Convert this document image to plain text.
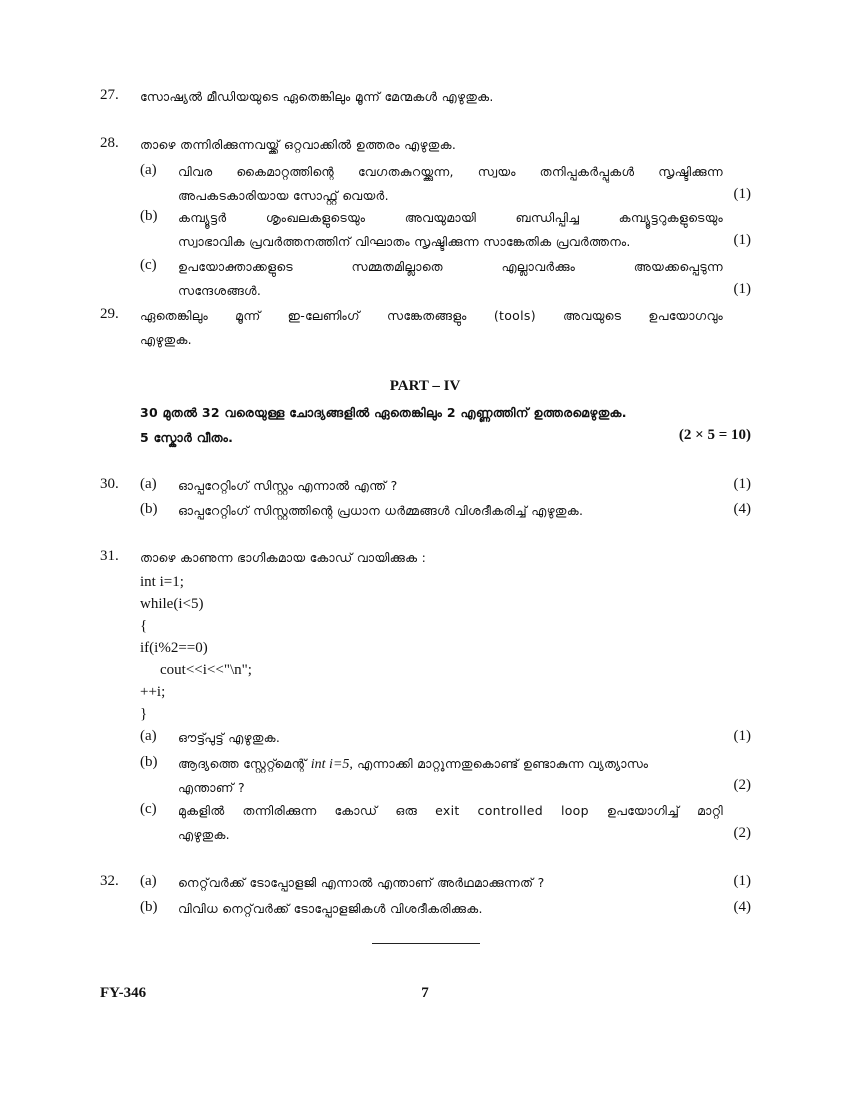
27. സോഷ്യൽ മീഡിയയുടെ ഏതെങ്കിലും മൂന്ന് മേന്മകൾ എഴുതുക.
28. താഴെ തന്നിരിക്കുന്നവയ്ക്ക് ഒറ്റവാക്കിൽ ഉത്തരം എഴുതുക.
(a) വിവര കൈമാറ്റത്തിന്റെ വേഗതകുറയ്ക്കുന്ന, സ്വയം തനിപ്പകർപ്പുകൾ സൃഷ്ടിക്കുന്ന
അപകടകാരിയായ സോഫ്റ്റ് വെയർ.	(1)
(b) കമ്പ്യൂട്ടർ ശൃംഖലകളുടെയും അവയുമായി ബന്ധിപ്പിച്ച കമ്പ്യൂട്ടറുകളുടെയും
സ്വാഭാവിക പ്രവർത്തനത്തിന് വിഘാതം സൃഷ്ടിക്കുന്ന സാങ്കേതിക പ്രവർത്തനം.	(1)
(c) ഉപയോക്താക്കളുടെ സമ്മതമില്ലാതെ എല്ലാവർക്കും അയക്കപ്പെടുന്ന
സന്ദേശങ്ങൾ.	(1)
29. ഏതെങ്കിലും മൂന്ന് ഇ-ലേണിംഗ് സങ്കേതങ്ങളും (tools) അവയുടെ ഉപയോഗവും
എഴുതുക.
PART – IV
30 മുതൽ 32 വരെയുള്ള ചോദ്യങ്ങളിൽ ഏതെങ്കിലും 2 എണ്ണത്തിന് ഉത്തരമെഴുതുക.
5 സ്കോർ വീതം.	(2 × 5 = 10)
30. (a) ഓപ്പറേറ്റിംഗ് സിസ്റ്റം എന്നാൽ എന്ത് ?	(1)
(b) ഓപ്പറേറ്റിംഗ് സിസ്റ്റത്തിന്റെ പ്രധാന ധർമ്മങ്ങൾ വിശദീകരിച്ച് എഴുതുക.	(4)
31. താഴെ കാണുന്ന ഭാഗികമായ കോഡ് വായിക്കുക :
int i=1;
while(i<5)
{
if(i%2==0)
cout<<i<<"\n";
++i;
}
(a) ഔട്ട്പുട്ട് എഴുതുക.	(1)
(b) ആദ്യത്തെ സ്റ്റേറ്റ്മെന്റ് int i=5, എന്നാക്കി മാറ്റുന്നതുകൊണ്ട് ഉണ്ടാകുന്ന വ്യത്യാസം
എന്താണ് ?	(2)
(c) മുകളിൽ തന്നിരിക്കുന്ന കോഡ് ഒരു exit controlled loop ഉപയോഗിച്ച് മാറ്റി
എഴുതുക.	(2)
32. (a) നെറ്റ്‌വർക്ക് ടോപ്പോളജി എന്നാൽ എന്താണ് അർഥമാക്കുന്നത് ?	(1)
(b) വിവിധ നെറ്റ്‌വർക്ക് ടോപ്പോളജികൾ വിശദീകരിക്കുക.	(4)
FY-346	7
